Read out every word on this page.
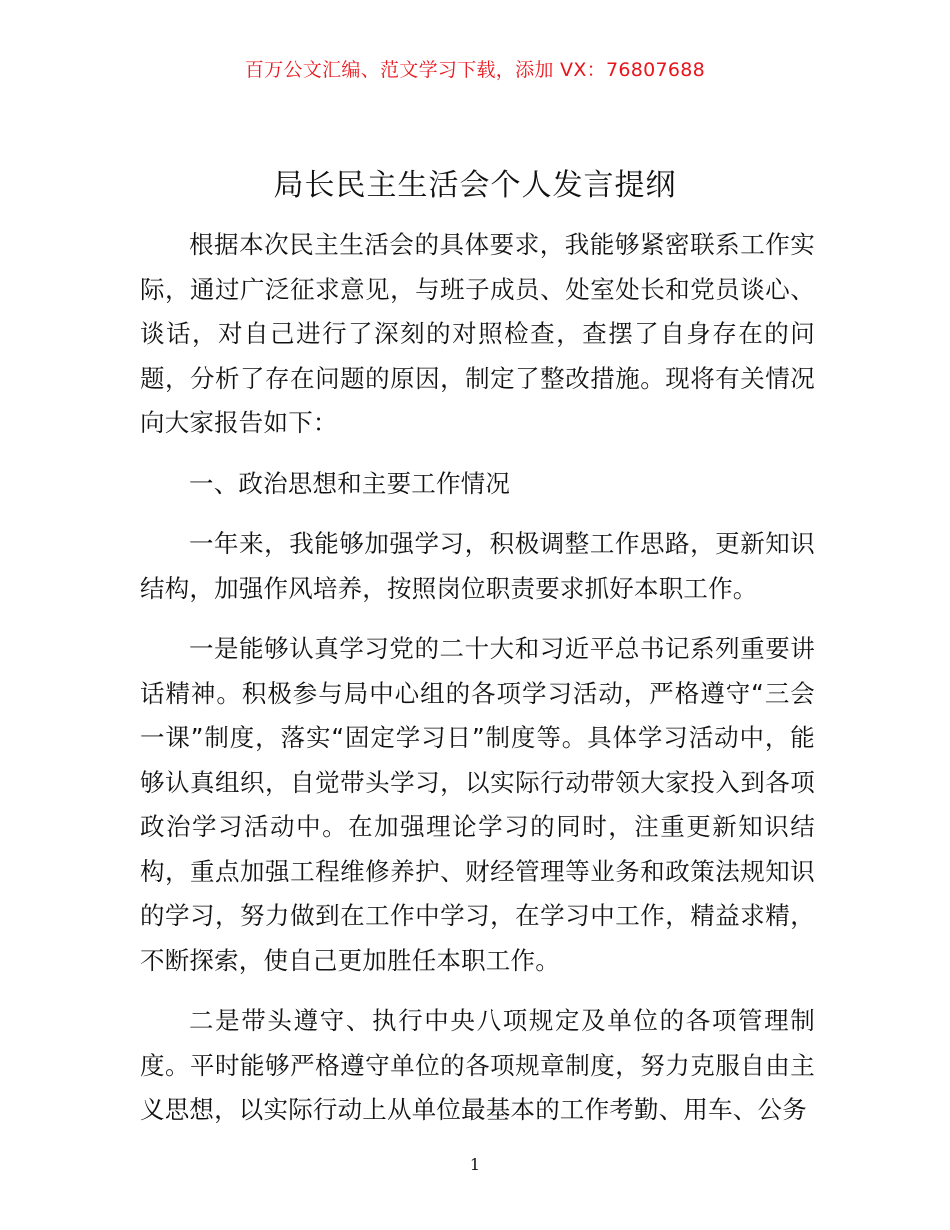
百万公文汇编、范文学习下载，添加 VX：76807688
局长民主生活会个人发言提纲

根据本次民主生活会的具体要求，我能够紧密联系工作实际，通过广泛征求意见，与班子成员、处室处长和党员谈心、谈话，对自己进行了深刻的对照检查，查摆了自身存在的问题，分析了存在问题的原因，制定了整改措施。现将有关情况向大家报告如下：

一、政治思想和主要工作情况

一年来，我能够加强学习，积极调整工作思路，更新知识结构，加强作风培养，按照岗位职责要求抓好本职工作。

一是能够认真学习党的二十大和习近平总书记系列重要讲话精神。积极参与局中心组的各项学习活动，严格遵守“三会一课”制度，落实“固定学习日”制度等。具体学习活动中，能够认真组织，自觉带头学习，以实际行动带领大家投入到各项政治学习活动中。在加强理论学习的同时，注重更新知识结构，重点加强工程维修养护、财经管理等业务和政策法规知识的学习，努力做到在工作中学习，在学习中工作，精益求精，不断探索，使自己更加胜任本职工作。

二是带头遵守、执行中央八项规定及单位的各项管理制度。平时能够严格遵守单位的各项规章制度，努力克服自由主义思想，以实际行动上从单位最基本的工作考勤、用车、公务

1
